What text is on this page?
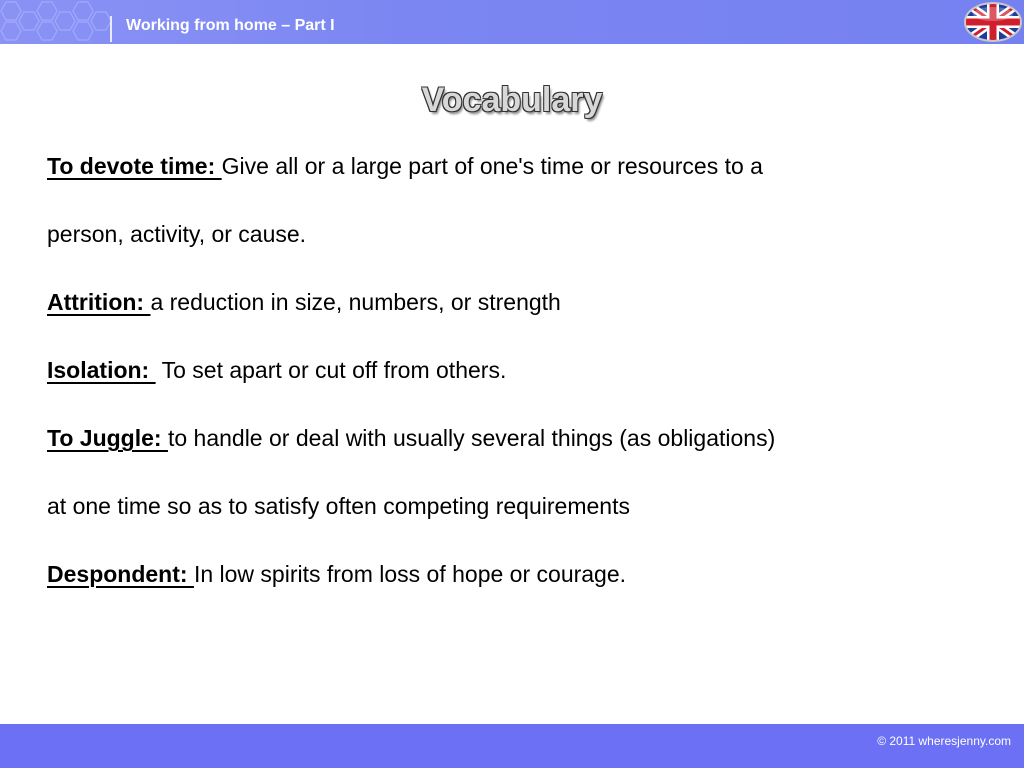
Working from home – Part I
Vocabulary
To devote time: Give all or a large part of one's time or resources to a
person, activity, or cause.
Attrition: a reduction in size, numbers, or strength
Isolation:  To set apart or cut off from others.
To Juggle: to handle or deal with usually several things (as obligations)
at one time so as to satisfy often competing requirements
Despondent: In low spirits from loss of hope or courage.
© 2011 wheresjenny.com
